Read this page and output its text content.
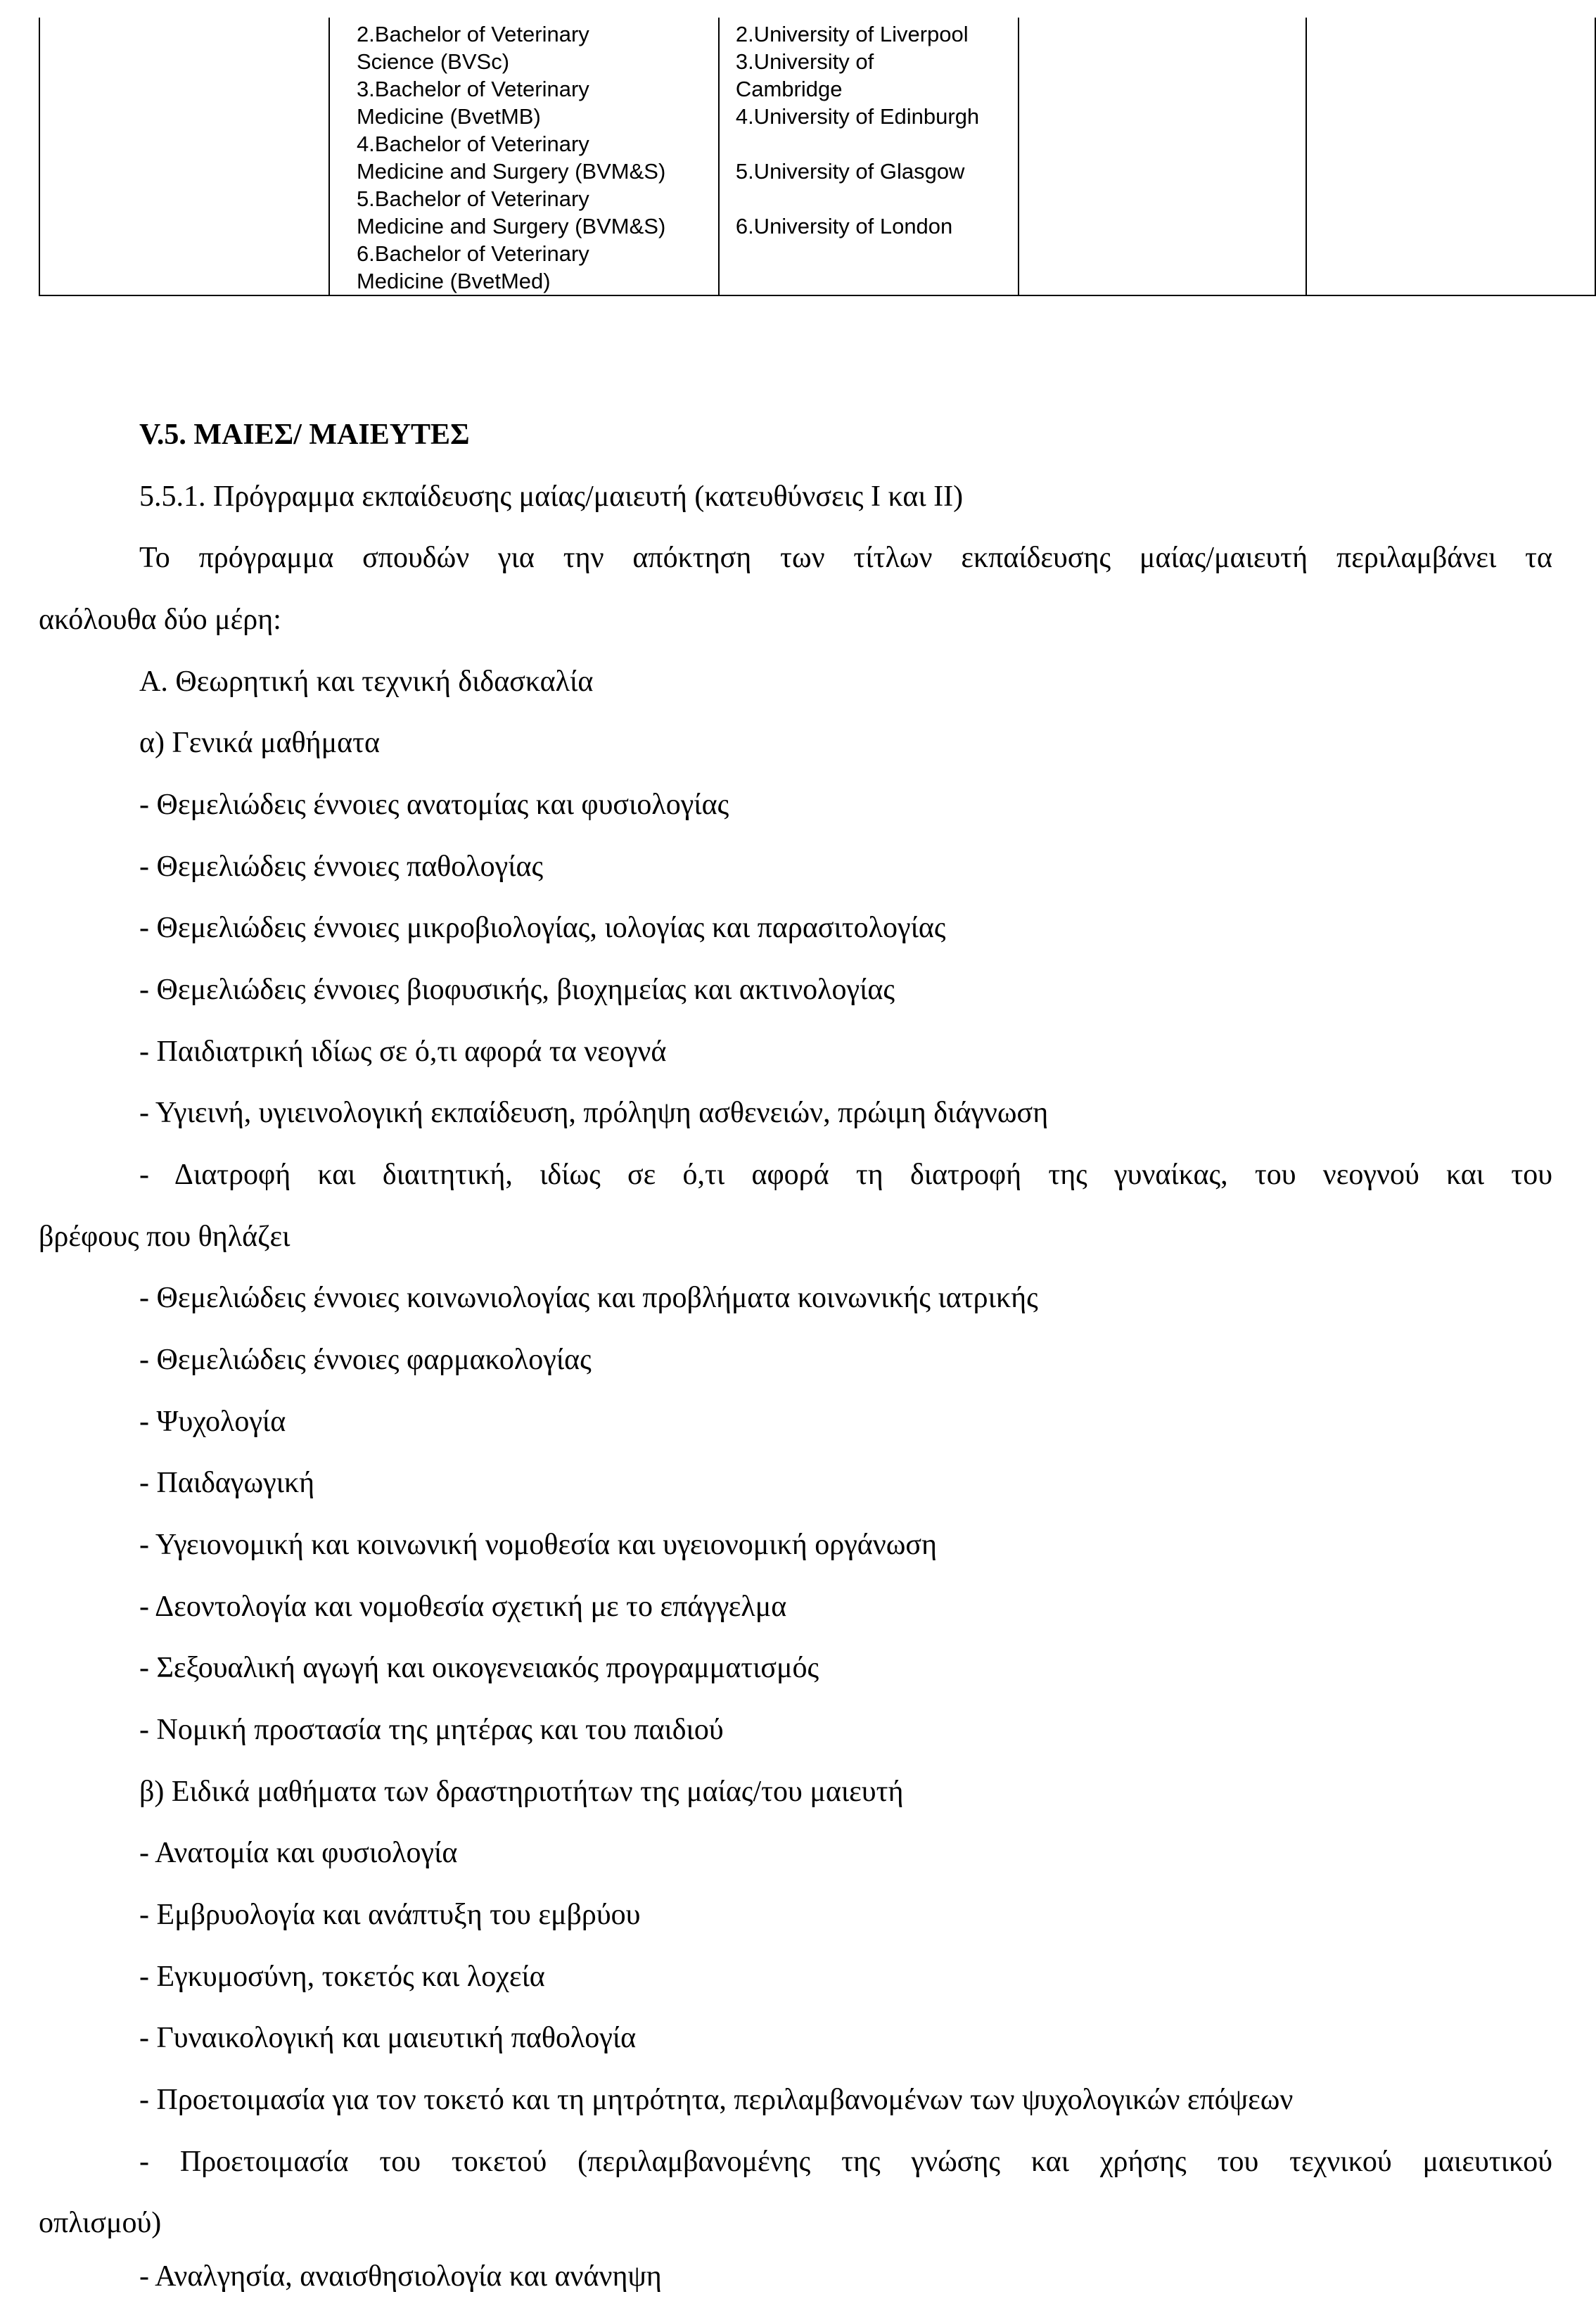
2.Bachelor of Veterinary
Science (BVSc)
3.Bachelor of Veterinary
Medicine (BvetMB)
4.Bachelor of Veterinary
Medicine and Surgery (BVM&S)
5.Bachelor of Veterinary
Medicine and Surgery (BVM&S)
6.Bachelor of Veterinary
Medicine (BvetMed)

2.University of Liverpool
3.University of
Cambridge
4.University of Edinburgh
5.University of Glasgow
6.University of London

V.5. ΜΑΙΕΣ/ ΜΑΙΕΥΤΕΣ
5.5.1. Πρόγραμμα εκπαίδευσης μαίας/μαιευτή (κατευθύνσεις Ι και ΙΙ)
Το πρόγραμμα σπουδών για την απόκτηση των τίτλων εκπαίδευσης μαίας/μαιευτή περιλαμβάνει τα
ακόλουθα δύο μέρη:
Α. Θεωρητική και τεχνική διδασκαλία
α) Γενικά μαθήματα
- Θεμελιώδεις έννοιες ανατομίας και φυσιολογίας
- Θεμελιώδεις έννοιες παθολογίας
- Θεμελιώδεις έννοιες μικροβιολογίας, ιολογίας και παρασιτολογίας
- Θεμελιώδεις έννοιες βιοφυσικής, βιοχημείας και ακτινολογίας
- Παιδιατρική ιδίως σε ό,τι αφορά τα νεογνά
- Υγιεινή, υγιεινολογική εκπαίδευση, πρόληψη ασθενειών, πρώιμη διάγνωση
- Διατροφή και διαιτητική, ιδίως σε ό,τι αφορά τη διατροφή της γυναίκας, του νεογνού και του
βρέφους που θηλάζει
- Θεμελιώδεις έννοιες κοινωνιολογίας και προβλήματα κοινωνικής ιατρικής
- Θεμελιώδεις έννοιες φαρμακολογίας
- Ψυχολογία
- Παιδαγωγική
- Υγειονομική και κοινωνική νομοθεσία και υγειονομική οργάνωση
- Δεοντολογία και νομοθεσία σχετική με το επάγγελμα
- Σεξουαλική αγωγή και οικογενειακός προγραμματισμός
- Νομική προστασία της μητέρας και του παιδιού
β) Ειδικά μαθήματα των δραστηριοτήτων της μαίας/του μαιευτή
- Ανατομία και φυσιολογία
- Εμβρυολογία και ανάπτυξη του εμβρύου
- Εγκυμοσύνη, τοκετός και λοχεία
- Γυναικολογική και μαιευτική παθολογία
- Προετοιμασία για τον τοκετό και τη μητρότητα, περιλαμβανομένων των ψυχολογικών επόψεων
- Προετοιμασία του τοκετού (περιλαμβανομένης της γνώσης και χρήσης του τεχνικού μαιευτικού
οπλισμού)
- Αναλγησία, αναισθησιολογία και ανάνηψη
